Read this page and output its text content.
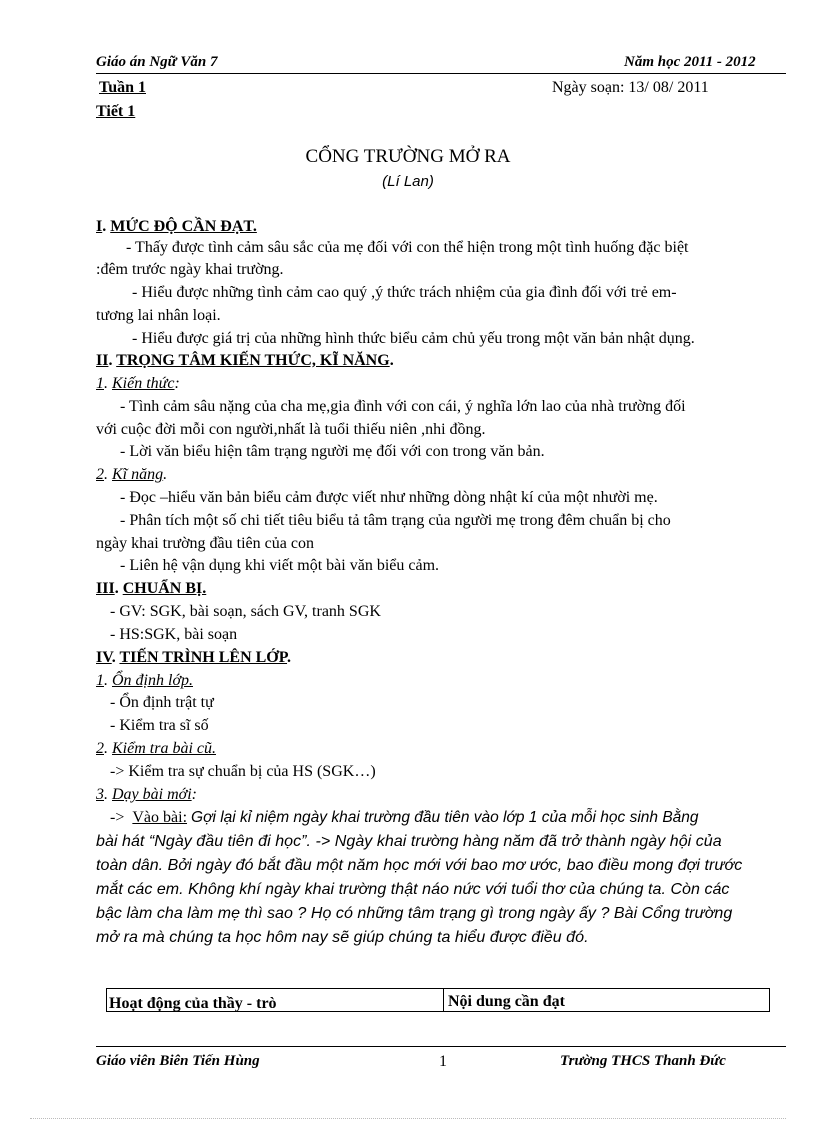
Giáo án Ngữ Văn 7	Năm học 2011 - 2012
Tuần 1	Ngày soạn: 13/ 08/ 2011
Tiết 1
CỔNG TRƯỜNG MỞ RA
(Lí Lan)
I. MỨC ĐỘ CẦN ĐẠT.
- Thấy được tình cảm sâu sắc của mẹ đối với con thể hiện trong một tình huống đặc biệt
:đêm trước ngày khai trường.
- Hiểu được những tình cảm cao quý ,ý thức trách nhiệm của gia đình đối với trẻ em-
tương lai nhân loại.
- Hiểu được giá trị của những hình thức biểu cảm chủ yếu trong một văn bản nhật dụng.
II. TRỌNG TÂM KIẾN THỨC, KĨ NĂNG.
1. Kiến thức:
- Tình cảm sâu nặng của cha mẹ,gia đình với con cái, ý nghĩa lớn lao của nhà trường đối
với cuộc đời mỗi con người,nhất là tuổi thiếu niên ,nhi đồng.
- Lời văn biểu hiện tâm trạng người mẹ đối với con trong văn bản.
2. Kĩ năng.
- Đọc –hiểu văn bản biểu cảm được viết như những dòng nhật kí của một nhười mẹ.
- Phân tích một số chi tiết tiêu biểu tả tâm trạng của người mẹ trong đêm chuẩn bị cho
ngày khai trường đầu tiên của con
- Liên hệ vận dụng khi viết một bài văn biểu cảm.
III. CHUẨN BỊ.
- GV: SGK, bài soạn, sách GV, tranh SGK
- HS:SGK, bài soạn
IV. TIẾN TRÌNH LÊN LỚP.
1. Ổn định lớp.
- Ổn định trật tự
- Kiểm tra sĩ số
2. Kiểm tra bài cũ.
-> Kiểm tra sự chuẩn bị của HS (SGK…)
3. Dạy bài mới:
-> Vào bài: Gợi lại kỉ niệm ngày khai trường đầu tiên vào lớp 1 của mỗi học sinh Bằng
bài hát “Ngày đầu tiên đi học”. -> Ngày khai trường hàng năm đã trở thành ngày hội của
toàn dân. Bởi ngày đó bắt đầu một năm học mới với bao mơ ước, bao điều mong đợi trước
mắt các em. Không khí ngày khai trường thật náo nức với tuổi thơ của chúng ta. Còn các
bậc làm cha làm mẹ thì sao ? Họ có những tâm trạng gì trong ngày ấy ? Bài Cổng trường
mở ra mà chúng ta học hôm nay sẽ giúp chúng ta hiểu được điều đó.
Hoạt động của thầy - trò	Nội dung cần đạt
Giáo viên Biên Tiến Hùng	1	Trường THCS Thanh Đức
